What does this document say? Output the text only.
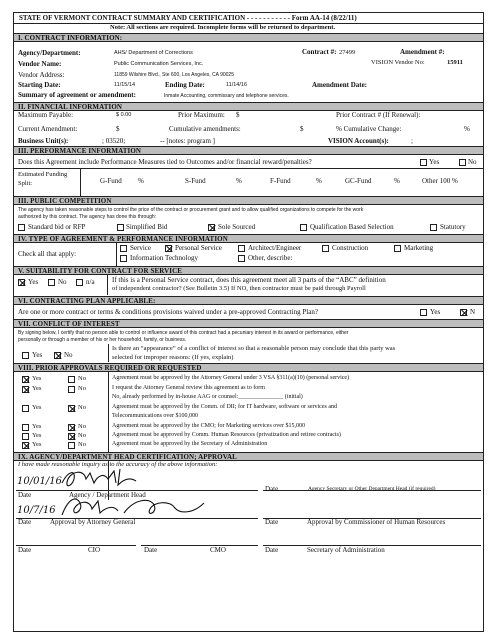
STATE OF VERMONT CONTRACT SUMMARY AND CERTIFICATION - - - - - - - - - - - Form AA-14 (8/22/11)
Note: All sections are required. Incomplete forms will be returned to department.
I. CONTRACT INFORMATION:
Agency/Department:	AHS/ Department of Corrections	Contract #: 27499	Amendment #:
Vendor Name:	Public Communication Services, Inc.	VISION Vendor No:	15911
Vendor Address:	11859 Wilshire Blvd., Ste 600, Los Angeles, CA 90025
Starting Date:	11/15/14	Ending Date:	11/14/16	Amendment Date:
Summary of agreement or amendment:	Inmate Accounting, commissary and telephone services.
II. FINANCIAL INFORMATION
Maximum Payable:	$ 0.00	Prior Maximum: $	Prior Contract # (If Renewal):
Current Amendment:	$	Cumulative amendments:	$	% Cumulative Change:	%
Business Unit(s):	; 03520;	-- [notes: program ]	VISION Account(s):	;
III. PERFORMANCE INFORMATION
Does this Agreement include Performance Measures tied to Outcomes and/or financial reward/penalties?	Yes	No
Estimated Funding Split:	G-Fund %	S-Fund	%	F-Fund	%	GC-Fund	%	Other 100 %
III. PUBLIC COMPETITION
The agency has taken reasonable steps to control the price of the contract or procurement grant and to allow qualified organizations to compete for the work
authorized by this contract. The agency has done this through:
Standard bid or RFP	Simplified Bid	Sole Sourced	Qualification Based Selection	Statutory
IV. TYPE OF AGREEMENT & PERFORMANCE INFORMATION
Check all that apply:
Service	Personal Service	Architect/Engineer	Construction	Marketing
Information Technology	Other, describe:
V. SUITABILITY FOR CONTRACT FOR SERVICE
Yes	No	n/a If this is a Personal Service contract, does this agreement meet all 3 parts of the “ABC” definition
of independent contractor? (See Bulletin 3.5) If NO, then contractor must be paid through Payroll
VI. CONTRACTING PLAN APPLICABLE:
Are one or more contract or terms & conditions provisions waived under a pre-approved Contracting Plan?	Yes	N
VII. CONFLICT OF INTEREST
By signing below, I certify that no person able to control or influence award of this contract had a pecuniary interest in its award or performance, either
personally or through a member of his or her household, family, or business.
Yes	No
Is there an “appearance” of a conflict of interest so that a reasonable person may conclude that this party was
selected for improper reasons: (If yes, explain)
VIII. PRIOR APPROVALS REQUIRED OR REQUESTED
Yes	No	Agreement must be approved by the Attorney General under 3 VSA §311(a)(10) (personal service)
Yes	No	I request the Attorney General review this agreement as to form
No, already performed by in-house AAG or counsel:_______________ (initial)
Yes	No	Agreement must be approved by the Comm. of DII; for IT hardware, software or services and
Telecommunications over $100,000
Yes	No	Agreement must be approved by the CMO; for Marketing services over $15,000
Yes	No	Agreement must be approved by Comm. Human Resources (privatization and retiree contracts)
Yes	No	Agreement must be approved by the Secretary of Administration
IX. AGENCY/DEPARTMENT HEAD CERTIFICATION; APPROVAL
I have made reasonable inquiry as to the accuracy of the above information:
10/01/16
Date	Agency / Department Head
Date	Agency Secretary or Other Department Head (if required)
10/7/16
Date	Approval by Attorney General	Date	Approval by Commissioner of Human Resources
Date	CIO	Date	CMO	Date	Secretary of Administration
